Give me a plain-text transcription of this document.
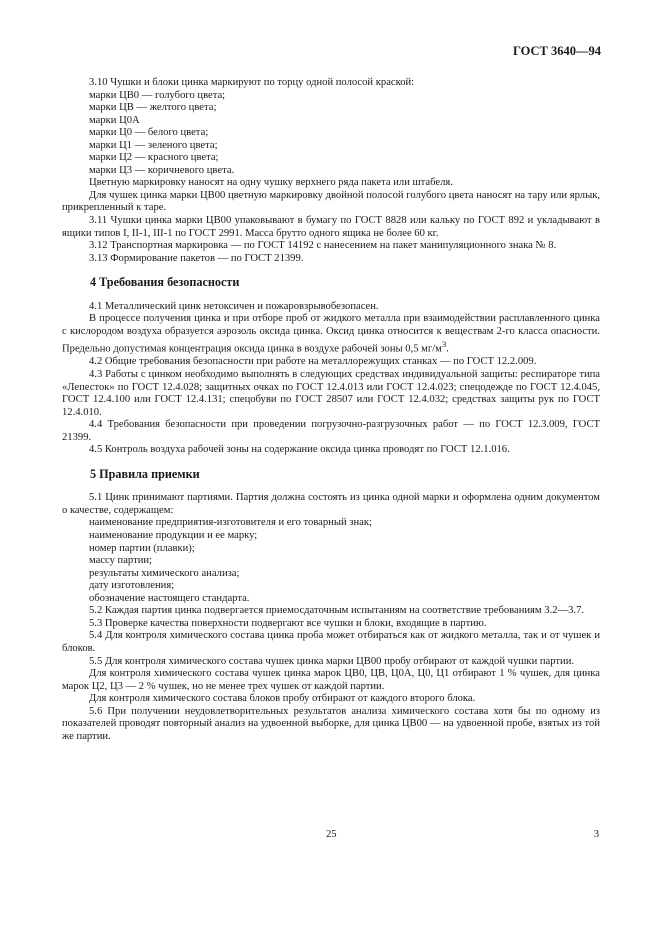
ГОСТ 3640—94

3.10 Чушки и блоки цинка маркируют по торцу одной полосой краской:

марки ЦВ0 — голубого цвета;

марки ЦВ — желтого цвета;

марки Ц0А

марки Ц0 — белого цвета;

марки Ц1 — зеленого цвета;

марки Ц2 — красного цвета;

марки Ц3 — коричневого цвета.

Цветную маркировку наносят на одну чушку верхнего ряда пакета или штабеля.

Для чушек цинка марки ЦВ00 цветную маркировку двойной полосой голубого цвета наносят на тару или ярлык, прикрепленный к таре.

3.11 Чушки цинка марки ЦВ00 упаковывают в бумагу по ГОСТ 8828 или кальку по ГОСТ 892 и укладывают в ящики типов I, II-1, III-1 по ГОСТ 2991. Масса брутто одного ящика не более 60 кг.

3.12 Транспортная маркировка — по ГОСТ 14192 с нанесением на пакет манипуляционного знака № 8.

3.13 Формирование пакетов — по ГОСТ 21399.

4 Требования безопасности

4.1 Металлический цинк нетоксичен и пожаровзрывобезопасен.

В процессе получения цинка и при отборе проб от жидкого металла при взаимодействии расплавленного цинка с кислородом воздуха образуется аэрозоль оксида цинка. Оксид цинка относится к веществам 2-го класса опасности. Предельно допустимая концентрация оксида цинка в воздухе рабочей зоны 0,5 $мг/м^3$.

4.2 Общие требования безопасности при работе на металлорежущих станках — по ГОСТ 12.2.009.

4.3 Работы с цинком необходимо выполнять в следующих средствах индивидуальной защиты: респираторе типа «Лепесток» по ГОСТ 12.4.028; защитных очках по ГОСТ 12.4.013 или ГОСТ 12.4.023; спецодежде по ГОСТ 12.4.045, ГОСТ 12.4.100 или ГОСТ 12.4.131; спецобуви по ГОСТ 28507 или ГОСТ 12.4.032; средствах защиты рук по ГОСТ 12.4.010.

4.4 Требования безопасности при проведении погрузочно-разгрузочных работ — по ГОСТ 12.3.009, ГОСТ 21399.

4.5 Контроль воздуха рабочей зоны на содержание оксида цинка проводят по ГОСТ 12.1.016.

5 Правила приемки

5.1 Цинк принимают партиями. Партия должна состоять из цинка одной марки и оформлена одним документом о качестве, содержащем:

наименование предприятия-изготовителя и его товарный знак;

наименование продукции и ее марку;

номер партии (плавки);

массу партии;

результаты химического анализа;

дату изготовления;

обозначение настоящего стандарта.

5.2 Каждая партия цинка подвергается приемосдаточным испытаниям на соответствие требованиям 3.2—3.7.

5.3 Проверке качества поверхности подвергают все чушки и блоки, входящие в партию.

5.4 Для контроля химического состава цинка проба может отбираться как от жидкого металла, так и от чушек и блоков.

5.5 Для контроля химического состава чушек цинка марки ЦВ00 пробу отбирают от каждой чушки партии.

Для контроля химического состава чушек цинка марок ЦВ0, ЦВ, Ц0А, Ц0, Ц1 отбирают 1 % чушек, для цинка марок Ц2, Ц3 — 2 % чушек, но не менее трех чушек от каждой партии.

Для контроля химического состава блоков пробу отбирают от каждого второго блока.

5.6 При получении неудовлетворительных результатов анализа химического состава хотя бы по одному из показателей проводят повторный анализ на удвоенной выборке, для цинка ЦВ00 — на удвоенной пробе, взятых из той же партии.

25	3
